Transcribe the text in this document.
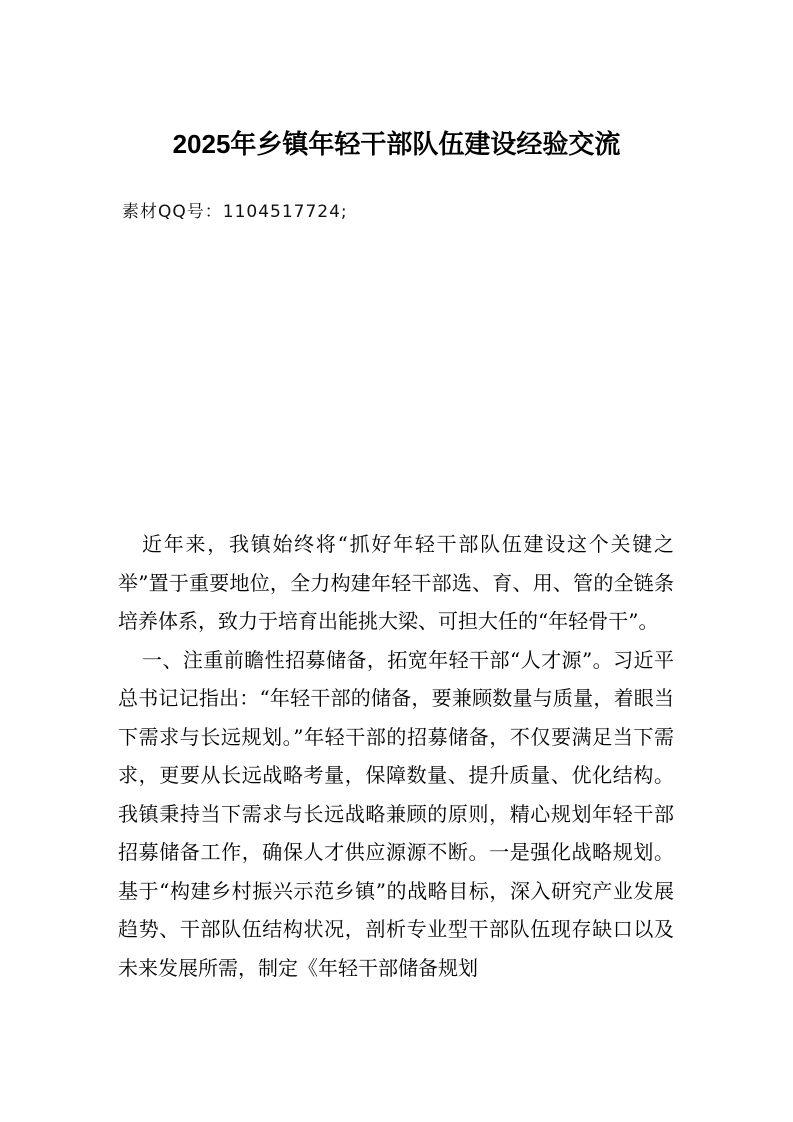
2025年乡镇年轻干部队伍建设经验交流
素材QQ号：1104517724;

近年来，我镇始终将“抓好年轻干部队伍建设这个关键之举”置于重要地位，全力构建年轻干部选、育、用、管的全链条培养体系，致力于培育出能挑大梁、可担大任的“年轻骨干”。

一、注重前瞻性招募储备，拓宽年轻干部“人才源”。习近平总书记记指出：“年轻干部的储备，要兼顾数量与质量，着眼当下需求与长远规划。”年轻干部的招募储备，不仅要满足当下需求，更要从长远战略考量，保障数量、提升质量、优化结构。我镇秉持当下需求与长远战略兼顾的原则，精心规划年轻干部招募储备工作，确保人才供应源源不断。一是强化战略规划。基于“构建乡村振兴示范乡镇”的战略目标，深入研究产业发展趋势、干部队伍结构状况，剖析专业型干部队伍现存缺口以及未来发展所需，制定《年轻干部储备规划
